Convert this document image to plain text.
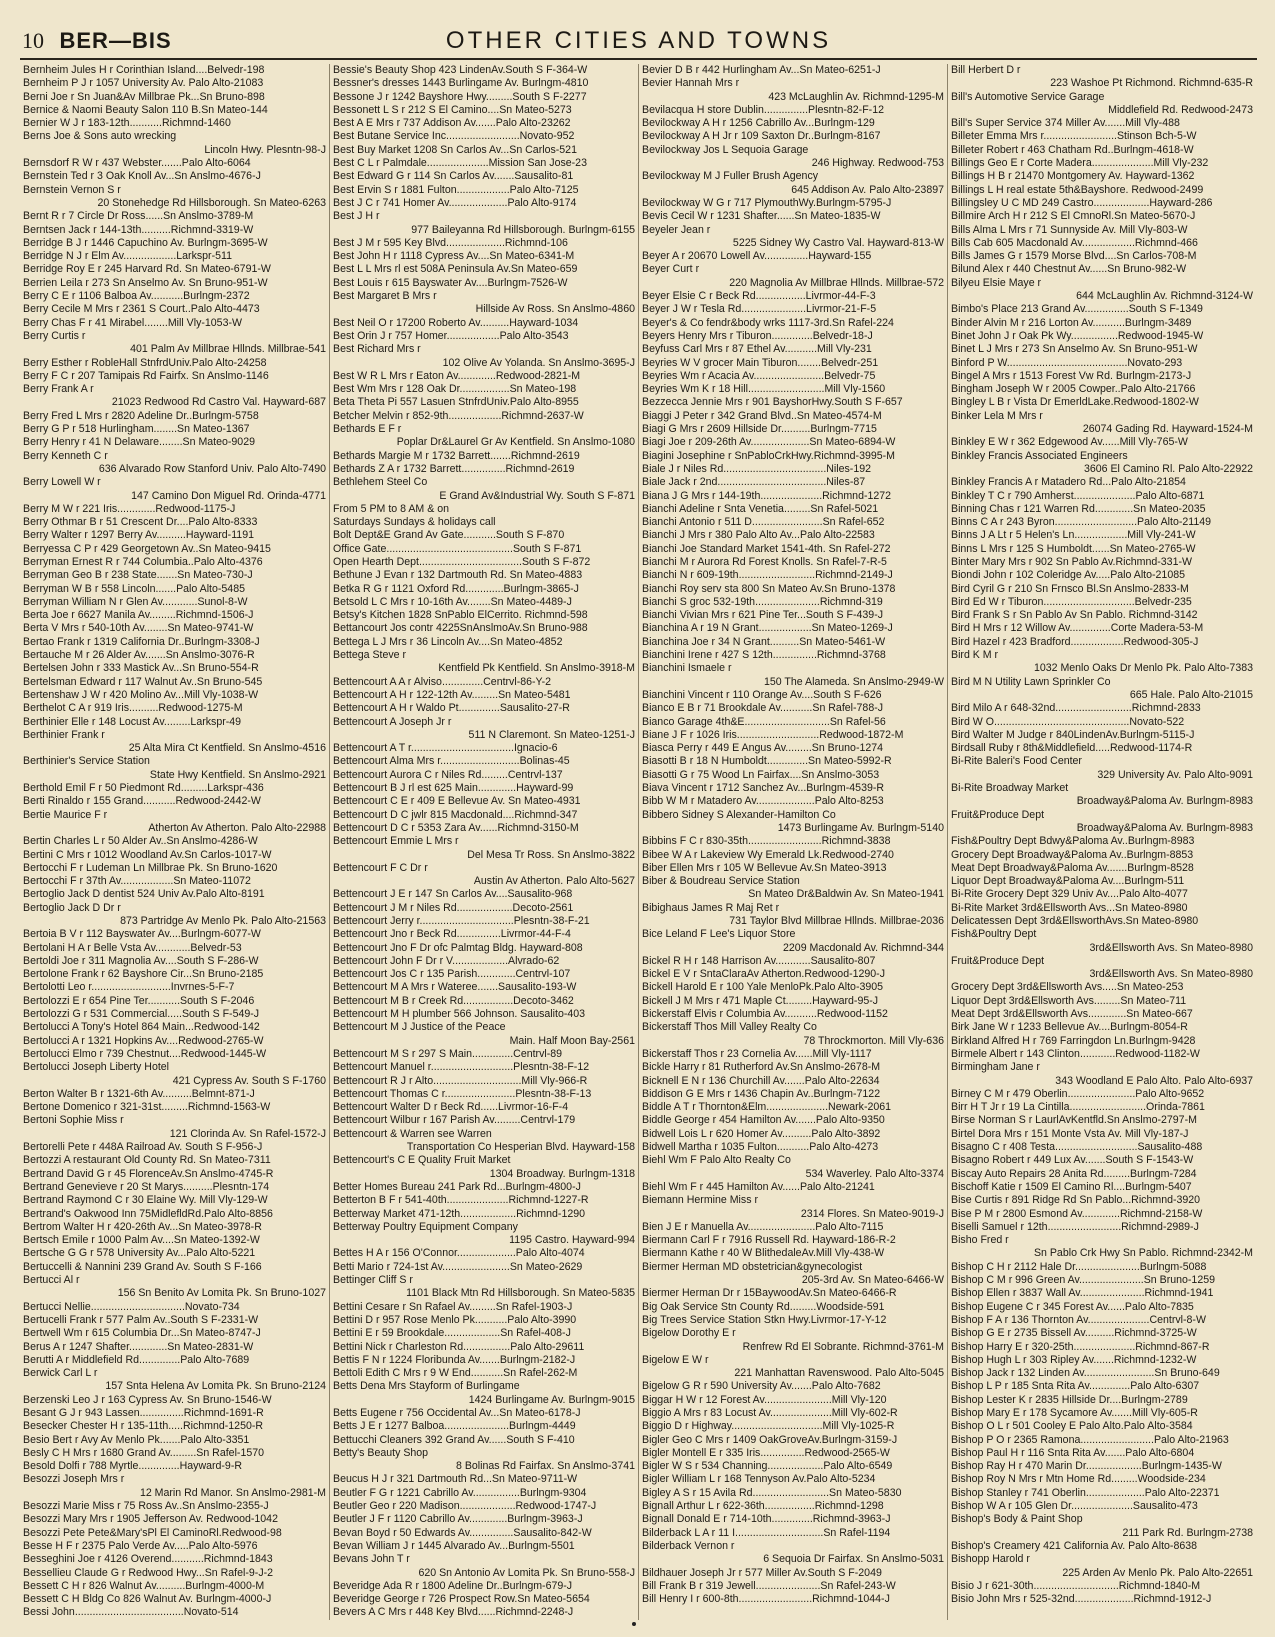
10 BER—BIS	OTHER CITIES AND TOWNS
Bernheim Jules H r Corinthian Island....Belvedr-198
Bernheim P J r 1057 University Av. Palo Alto-21083
Berni Joe r Sn Juan&Av Millbrae Pk...Sn Bruno-898
Bernice & Naomi Beauty Salon 110 B.Sn Mateo-144
Bernier W J r 183-12th...........Richmnd-1460
Berns Joe & Sons auto wrecking
Lincoln Hwy. Plesntn-98-J
Bernsdorf R W r 437 Webster.......Palo Alto-6064
Bernstein Ted r 3 Oak Knoll Av...Sn Anslmo-4676-J
Bernstein Vernon S r
20 Stonehedge Rd Hillsborough. Sn Mateo-6263
Bernt R r 7 Circle Dr Ross......Sn Anslmo-3789-M
Berntsen Jack r 144-13th..........Richmnd-3319-W
Berridge B J r 1446 Capuchino Av. Burlngm-3695-W
Berridge N J r Elm Av..................Larkspr-511
Berridge Roy E r 245 Harvard Rd. Sn Mateo-6791-W
Berrien Leila r 273 Sn Anselmo Av. Sn Bruno-951-W
Berry C E r 1106 Balboa Av...........Burlngm-2372
Berry Cecile M Mrs r 2361 S Court..Palo Alto-4473
Berry Chas F r 41 Mirabel........Mill Vly-1053-W
Berry Curtis r
401 Palm Av Millbrae Hllnds. Millbrae-541
Berry Esther r RobleHall StnfrdUniv.Palo Alto-24258
Berry F C r 207 Tamipais Rd Fairfx. Sn Anslmo-1146
Berry Frank A r
21023 Redwood Rd Castro Val. Hayward-687
Berry Fred L Mrs r 2820 Adeline Dr..Burlngm-5758
Berry G P r 518 Hurlingham........Sn Mateo-1367
Berry Henry r 41 N Delaware........Sn Mateo-9029
Berry Kenneth C r
636 Alvarado Row Stanford Univ. Palo Alto-7490
Berry Lowell W r
147 Camino Don Miguel Rd. Orinda-4771
Berry M W r 221 Iris.............Redwood-1175-J
Berry Othmar B r 51 Crescent Dr....Palo Alto-8333
Berry Walter r 1297 Berry Av..........Hayward-1191
Berryessa C P r 429 Georgetown Av..Sn Mateo-9415
Berryman Ernest R r 744 Columbia..Palo Alto-4376
Berryman Geo B r 238 State.......Sn Mateo-730-J
Berryman W B r 558 Lincoln.......Palo Alto-5485
Berryman William N r Glen Av............Sunol-8-W
Berta Joe r 6627 Manila Av.........Richmnd-1506-J
Berta V Mrs r 540-10th Av........Sn Mateo-9741-W
Bertao Frank r 1319 California Dr..Burlngm-3308-J
Bertauche M r 26 Alder Av.......Sn Anslmo-3076-R
Bertelsen John r 333 Mastick Av...Sn Bruno-554-R
Bertelsman Edward r 117 Walnut Av..Sn Bruno-545
Bertenshaw J W r 420 Molino Av...Mill Vly-1038-W
Berthelot C A r 919 Iris..........Redwood-1275-M
Berthinier Elle r 148 Locust Av.........Larkspr-49
Berthinier Frank r
25 Alta Mira Ct Kentfield. Sn Anslmo-4516
Berthinier's Service Station
State Hwy Kentfield. Sn Anslmo-2921
Berthold Emil F r 50 Piedmont Rd.........Larkspr-436
Berti Rinaldo r 155 Grand...........Redwood-2442-W
Bertie Maurice F r
Atherton Av Atherton. Palo Alto-22988
Bertin Charles L r 50 Alder Av..Sn Anslmo-4286-W
Bertini C Mrs r 1012 Woodland Av.Sn Carlos-1017-W
Bertocchi F r Ludeman Ln Millbrae Pk. Sn Bruno-1620
Bertocchi F r 37th Av..................Sn Mateo-11072
Bertoglio Jack D dentist 524 Univ Av.Palo Alto-8191
Bertoglio Jack D Dr r
873 Partridge Av Menlo Pk. Palo Alto-21563
Bertoia B V r 112 Bayswater Av....Burlngm-6077-W
Bertolani H A r Belle Vsta Av............Belvedr-53
Bertoldi Joe r 311 Magnolia Av....South S F-286-W
Bertolone Frank r 62 Bayshore Cir...Sn Bruno-2185
Bertolotti Leo r...........................Invrnes-5-F-7
Bertolozzi E r 654 Pine Ter...........South S F-2046
Bertolozzi G r 531 Commercial.....South S F-549-J
Bertolucci A Tony's Hotel 864 Main...Redwood-142
Bertolucci A r 1321 Hopkins Av....Redwood-2765-W
Bertolucci Elmo r 739 Chestnut....Redwood-1445-W
Bertolucci Joseph Liberty Hotel
421 Cypress Av. South S F-1760
Berton Walter B r 1321-6th Av..........Belmnt-871-J
Bertone Domenico r 321-31st.........Richmnd-1563-W
Bertoni Sophie Miss r
121 Clorinda Av. Sn Rafel-1572-J
Bertorelli Pete r 448A Railroad Av. South S F-956-J
Bertozzi A restaurant Old County Rd. Sn Mateo-7311
Bertrand David G r 45 FlorenceAv.Sn Anslmo-4745-R
Bertrand Genevieve r 20 St Marys..........Plesntn-174
Bertrand Raymond C r 30 Elaine Wy. Mill Vly-129-W
Bertrand's Oakwood Inn 75MidlefldRd.Palo Alto-8856
Bertrom Walter H r 420-26th Av...Sn Mateo-3978-R
Bertsch Emile r 1000 Palm Av....Sn Mateo-1392-W
Bertsche G G r 578 University Av...Palo Alto-5221
Bertuccelli & Nannini 239 Grand Av. South S F-166
Bertucci Al r
156 Sn Benito Av Lomita Pk. Sn Bruno-1027
Bertucci Nellie................................Novato-734
Bertucelli Frank r 577 Palm Av..South S F-2331-W
Bertwell Wm r 615 Columbia Dr...Sn Mateo-8747-J
Berus A r 1247 Shafter.............Sn Mateo-2831-W
Berutti A r Middlefield Rd..............Palo Alto-7689
Berwick Carl L r
157 Snta Helena Av Lomita Pk. Sn Bruno-2124
Berzenski Leo J r 163 Cypress Av. Sn Bruno-1546-W
Besant G J r 943 Lassen...............Richmnd-1691-R
Besecker Chester H r 135-11th.....Richmnd-1250-R
Besio Bert r Avy Av Menlo Pk.......Palo Alto-3351
Besly C H Mrs r 1680 Grand Av.........Sn Rafel-1570
Besold Dolfi r 788 Myrtle..............Hayward-9-R
Besozzi Joseph Mrs r
12 Marin Rd Manor. Sn Anslmo-2981-M
Besozzi Marie Miss r 75 Ross Av..Sn Anslmo-2355-J
Besozzi Mary Mrs r 1905 Jefferson Av. Redwood-1042
Besozzi Pete Pete&Mary'sPl El CaminoRl.Redwood-98
Besse H F r 2375 Palo Verde Av.....Palo Alto-5976
Besseghini Joe r 4126 Overend...........Richmnd-1843
Bessellieu Claude G r Redwood Hwy...Sn Rafel-9-J-2
Bessett C H r 826 Walnut Av..........Burlngm-4000-M
Bessett C H Bldg Co 826 Walnut Av. Burlngm-4000-J
Bessi John.....................................Novato-514
Bessie's Beauty Shop 423 LindenAv.South S F-364-W
Bessner's dresses 1443 Burlingame Av. Burlngm-4810
Bessone J r 1242 Bayshore Hwy.........South S F-2277
Bessonett L S r 212 S El Camino....Sn Mateo-5273
Best A E Mrs r 737 Addison Av.......Palo Alto-23262
Best Butane Service Inc.........................Novato-952
Best Buy Market 1208 Sn Carlos Av...Sn Carlos-521
Best C L r Palmdale.....................Mission San Jose-23
Best Edward G r 114 Sn Carlos Av.......Sausalito-81
Best Ervin S r 1881 Fulton..................Palo Alto-7125
Best J C r 741 Homer Av....................Palo Alto-9174
Best J H r
977 Baileyanna Rd Hillsborough. Burlngm-6155
Best J M r 595 Key Blvd....................Richmnd-106
Best John H r 1118 Cypress Av....Sn Mateo-6341-M
Best L L Mrs rl est 508A Peninsula Av.Sn Mateo-659
Best Louis r 615 Bayswater Av....Burlngm-7526-W
Best Margaret B Mrs r
Hillside Av Ross. Sn Anslmo-4860
Best Neil O r 17200 Roberto Av..........Hayward-1034
Best Orin J r 757 Homer..................Palo Alto-3543
Best Richard Mrs r
102 Olive Av Yolanda. Sn Anslmo-3695-J
Best W R L Mrs r Eaton Av.............Redwood-2821-M
Best Wm Mrs r 128 Oak Dr.................Sn Mateo-198
Beta Theta Pi 557 Lasuen StnfrdUniv.Palo Alto-8955
Betcher Melvin r 852-9th..................Richmnd-2637-W
Bethards E F r
Poplar Dr&Laurel Gr Av Kentfield. Sn Anslmo-1080
Bethards Margie M r 1732 Barrett.......Richmnd-2619
Bethards Z A r 1732 Barrett...............Richmnd-2619
Bethlehem Steel Co
E Grand Av&Industrial Wy. South S F-871
From 5 PM to 8 AM & on
Saturdays Sundays & holidays call
Bolt Dept&E Grand Av Gate...........South S F-870
Office Gate...........................................South S F-871
Open Hearth Dept...................................South S F-872
Bethune J Evan r 132 Dartmouth Rd. Sn Mateo-4883
Betka R G r 1121 Oxford Rd.............Burlngm-3865-J
Betsold L C Mrs r 10-16th Av........Sn Mateo-4489-J
Betsy's Kitchen 1828 SnPablo ElCerrito. Richmnd-598
Bettancourt Jos contr 4225SnAnslmoAv.Sn Bruno-988
Bettega L J Mrs r 36 Lincoln Av....Sn Mateo-4852
Bettega Steve r
Kentfield Pk Kentfield. Sn Anslmo-3918-M
Bettencourt A A r Alviso..............Centrvl-86-Y-2
Bettencourt A H r 122-12th Av.........Sn Mateo-5481
Bettencourt A H r Waldo Pt..............Sausalito-27-R
Bettencourt A Joseph Jr r
511 N Claremont. Sn Mateo-1251-J
Bettencourt A T r...................................Ignacio-6
Bettencourt Alma Mrs r...........................Bolinas-45
Bettencourt Aurora C r Niles Rd.........Centrvl-137
Bettencourt B J rl est 625 Main.............Hayward-99
Bettencourt C E r 409 E Bellevue Av. Sn Mateo-4931
Bettencourt D C jwlr 815 Macdonald....Richmnd-347
Bettencourt D C r 5353 Zara Av......Richmnd-3150-M
Bettencourt Emmie L Mrs r
Del Mesa Tr Ross. Sn Anslmo-3822
Bettencourt F C Dr r
Austin Av Atherton. Palo Alto-5627
Bettencourt J E r 147 Sn Carlos Av....Sausalito-968
Bettencourt J M r Niles Rd...................Decoto-2561
Bettencourt Jerry r................................Plesntn-38-F-21
Bettencourt Jno r Beck Rd...............Livrmor-44-F-4
Bettencourt Jno F Dr ofc Palmtag Bldg. Hayward-808
Bettencourt John F Dr r V...................Alvrado-62
Bettencourt Jos C r 135 Parish.............Centrvl-107
Bettencourt M A Mrs r Wateree.......Sausalito-193-W
Bettencourt M B r Creek Rd.................Decoto-3462
Bettencourt M H plumber 566 Johnson. Sausalito-403
Bettencourt M J Justice of the Peace
Main. Half Moon Bay-2561
Bettencourt M S r 297 S Main..............Centrvl-89
Bettencourt Manuel r............................Plesntn-38-F-12
Bettencourt R J r Alto..............................Mill Vly-966-R
Bettencourt Thomas C r........................Plesntn-38-F-13
Bettencourt Walter D r Beck Rd......Livrmor-16-F-4
Bettencourt Wilbur r 167 Parish Av.........Centrvl-179
Bettencourt & Warren see Warren
Transportation Co Hesperian Blvd. Hayward-158
Bettencourt's C E Quality Fruit Market
1304 Broadway. Burlngm-1318
Better Homes Bureau 241 Park Rd...Burlngm-4800-J
Betterton B F r 541-40th.....................Richmnd-1227-R
Betterway Market 471-12th...................Richmnd-1290
Betterway Poultry Equipment Company
1195 Castro. Hayward-994
Bettes H A r 156 O'Connor....................Palo Alto-4074
Betti Mario r 724-1st Av.......................Sn Mateo-2629
Bettinger Cliff S r
1101 Black Mtn Rd Hillsborough. Sn Mateo-5835
Bettini Cesare r Sn Rafael Av.........Sn Rafel-1903-J
Bettini D r 957 Rose Menlo Pk...........Palo Alto-3990
Bettini E r 59 Brookdale...................Sn Rafel-408-J
Bettini Nick r Charleston Rd................Palo Alto-29611
Bettis F N r 1224 Floribunda Av.......Burlngm-2182-J
Bettoli Edith C Mrs r 9 W End...........Sn Rafel-262-M
Betts Dena Mrs Stayform of Burlingame
1424 Burlingame Av. Burlngm-9015
Betts Eugene r 756 Occidental Av...Sn Mateo-6178-J
Betts J E r 1277 Balboa......................Burlngm-4449
Bettucchi Cleaners 392 Grand Av......South S F-410
Betty's Beauty Shop
8 Bolinas Rd Fairfax. Sn Anslmo-3741
Beucus H J r 321 Dartmouth Rd...Sn Mateo-9711-W
Beutler F G r 1221 Cabrillo Av................Burlngm-9304
Beutler Geo r 220 Madison...................Redwood-1747-J
Beutler J F r 1120 Cabrillo Av.............Burlngm-3963-J
Bevan Boyd r 50 Edwards Av...............Sausalito-842-W
Bevan William J r 1445 Alvarado Av...Burlngm-5501
Bevans John T r
620 Sn Antonio Av Lomita Pk. Sn Bruno-558-J
Beveridge Ada R r 1800 Adeline Dr..Burlngm-679-J
Beveridge George r 726 Prospect Row.Sn Mateo-5654
Bevers A C Mrs r 448 Key Blvd......Richmnd-2248-J
Bevier D B r 442 Hurlingham Av...Sn Mateo-6251-J
Bevier Hannah Mrs r
423 McLaughlin Av. Richmnd-1295-M
Bevilacqua H store Dublin...............Plesntn-82-F-12
Bevilockway A H r 1256 Cabrillo Av...Burlngm-129
Bevilockway A H Jr r 109 Saxton Dr..Burlngm-8167
Bevilockway Jos L Sequoia Garage
246 Highway. Redwood-753
Bevilockway M J Fuller Brush Agency
645 Addison Av. Palo Alto-23897
Bevilockway W G r 717 PlymouthWy.Burlngm-5795-J
Bevis Cecil W r 1231 Shafter......Sn Mateo-1835-W
Beyeler Jean r
5225 Sidney Wy Castro Val. Hayward-813-W
Beyer A r 20670 Lowell Av...............Hayward-155
Beyer Curt r
220 Magnolia Av Millbrae Hllnds. Millbrae-572
Beyer Elsie C r Beck Rd.................Livrmor-44-F-3
Beyer J W r Tesla Rd......................Livrmor-21-F-5
Beyer's & Co fendr&body wrks 1117-3rd.Sn Rafel-224
Beyers Henry Mrs r Tiburon..............Belvedr-18-J
Beyfuss Carl Mrs r 87 Ethel Av...........Mill Vly-231
Beyries W V grocer Main Tiburon........Belvedr-251
Beyries Wm r Acacia Av........................Belvedr-75
Beyries Wm K r 18 Hill..........................Mill Vly-1560
Bezzecca Jennie Mrs r 901 BayshorHwy.South S F-657
Biaggi J Peter r 342 Grand Blvd..Sn Mateo-4574-M
Biagi G Mrs r 2609 Hillside Dr..........Burlngm-7715
Biagi Joe r 209-26th Av....................Sn Mateo-6894-W
Biagini Josephine r SnPabloCrkHwy.Richmnd-3995-M
Biale J r Niles Rd...................................Niles-192
Biale Jack r 2nd.....................................Niles-87
Biana J G Mrs r 144-19th.....................Richmnd-1272
Bianchi Adeline r Snta Venetia.........Sn Rafel-5021
Bianchi Antonio r 511 D........................Sn Rafel-652
Bianchi J Mrs r 380 Palo Alto Av...Palo Alto-22583
Bianchi Joe Standard Market 1541-4th. Sn Rafel-272
Bianchi M r Aurora Rd Forest Knolls. Sn Rafel-7-R-5
Bianchi N r 609-19th..........................Richmnd-2149-J
Bianchi Roy serv sta 800 Sn Mateo Av.Sn Bruno-1378
Bianchi S groc 532-19th......................Richmnd-319
Bianchi Vivian Mrs r 621 Pine Ter...South S F-439-J
Bianchina A r 19 N Grant..................Sn Mateo-1269-J
Bianchina Joe r 34 N Grant..........Sn Mateo-5461-W
Bianchini Irene r 427 S 12th...............Richmnd-3768
Bianchini Ismaele r
150 The Alameda. Sn Anslmo-2949-W
Bianchini Vincent r 110 Orange Av....South S F-626
Bianco E B r 71 Brookdale Av...........Sn Rafel-788-J
Bianco Garage 4th&E.............................Sn Rafel-56
Biane J F r 1026 Iris............................Redwood-1872-M
Biasca Perry r 449 E Angus Av.........Sn Bruno-1274
Biasotti B r 18 N Humboldt..............Sn Mateo-5992-R
Biasotti G r 75 Wood Ln Fairfax....Sn Anslmo-3053
Biava Vincent r 1712 Sanchez Av...Burlngm-4539-R
Bibb W M r Matadero Av....................Palo Alto-8253
Bibbero Sidney S Alexander-Hamilton Co
1473 Burlingame Av. Burlngm-5140
Bibbins F C r 830-35th.........................Richmnd-3838
Bibee W A r Lakeview Wy Emerald Lk.Redwood-2740
Biber Ellen Mrs r 105 W Bellevue Av.Sn Mateo-3913
Biber & Boudreau Service Station
Sn Mateo Dr&Baldwin Av. Sn Mateo-1941
Bibighaus James R Maj Ret r
731 Taylor Blvd Millbrae Hllnds. Millbrae-2036
Bice Leland F Lee's Liquor Store
2209 Macdonald Av. Richmnd-344
Bickel R H r 148 Harrison Av............Sausalito-807
Bickel E V r SntaClaraAv Atherton.Redwood-1290-J
Bickell Harold E r 100 Yale MenloPk.Palo Alto-3905
Bickell J M Mrs r 471 Maple Ct.........Hayward-95-J
Bickerstaff Elvis r Columbia Av...........Redwood-1152
Bickerstaff Thos Mill Valley Realty Co
78 Throckmorton. Mill Vly-636
Bickerstaff Thos r 23 Cornelia Av......Mill Vly-1117
Bickle Harry r 81 Rutherford Av.Sn Anslmo-2678-M
Bicknell E N r 136 Churchill Av.......Palo Alto-22634
Biddison G E Mrs r 1436 Chapin Av..Burlngm-7122
Biddle A T r Thornton&Elm.....................Newark-2061
Biddle George r 454 Hamilton Av.......Palo Alto-9350
Bidwell Lois L r 620 Homer Av..........Palo Alto-3892
Bidwell Martha r 1035 Fulton...........Palo Alto-4273
Biehl Wm F Palo Alto Realty Co
534 Waverley. Palo Alto-3374
Biehl Wm F r 445 Hamilton Av......Palo Alto-21241
Biemann Hermine Miss r
2314 Flores. Sn Mateo-9019-J
Bien J E r Manuella Av.......................Palo Alto-7115
Biermann Carl F r 7916 Russell Rd. Hayward-186-R-2
Biermann Kathe r 40 W BlithedaleAv.Mill Vly-438-W
Biermer Herman MD obstetrician&gynecologist
205-3rd Av. Sn Mateo-6466-W
Biermer Herman Dr r 15BaywoodAv.Sn Mateo-6466-R
Big Oak Service Stn County Rd.........Woodside-591
Big Trees Service Station Stkn Hwy.Livrmor-17-Y-12
Bigelow Dorothy E r
Renfrew Rd El Sobrante. Richmnd-3761-M
Bigelow E W r
221 Manhattan Ravenswood. Palo Alto-5045
Bigelow G R r 590 University Av.......Palo Alto-7682
Biggar H W r 12 Forest Av.......................Mill Vly-120
Biggio A Mrs r 83 Locust Av.....................Mill Vly-602-R
Biggio D r Highway...............................Mill Vly-1025-R
Bigler Geo C Mrs r 1409 OakGroveAv.Burlngm-3159-J
Bigler Montell E r 335 Iris...............Redwood-2565-W
Bigler W S r 534 Channing...................Palo Alto-6549
Bigler William L r 168 Tennyson Av.Palo Alto-5234
Bigley A S r 15 Avila Rd..........................Sn Mateo-5830
Bignall Arthur L r 622-36th.................Richmnd-1298
Bignall Donald E r 714-10th..............Richmnd-3963-J
Bilderback L A r 11 I..............................Sn Rafel-1194
Bilderback Vernon r
6 Sequoia Dr Fairfax. Sn Anslmo-5031
Bildhauer Joseph Jr r 577 Miller Av.South S F-2049
Bill Frank B r 319 Jewell......................Sn Rafel-243-W
Bill Henry I r 600-8th.........................Richmnd-1044-J
Bill Herbert D r
223 Washoe Pt Richmond. Richmnd-635-R
Bill's Automotive Service Garage
Middlefield Rd. Redwood-2473
Bill's Super Service 374 Miller Av.......Mill Vly-488
Billeter Emma Mrs r.........................Stinson Bch-5-W
Billeter Robert r 463 Chatham Rd..Burlngm-4618-W
Billings Geo E r Corte Madera.....................Mill Vly-232
Billings H B r 21470 Montgomery Av. Hayward-1362
Billings L H real estate 5th&Bayshore. Redwood-2499
Billingsley U C MD 249 Castro...................Hayward-286
Billmire Arch H r 212 S El CmnoRl.Sn Mateo-5670-J
Bills Alma L Mrs r 71 Sunnyside Av. Mill Vly-803-W
Bills Cab 605 Macdonald Av..................Richmnd-466
Bills James G r 1579 Morse Blvd....Sn Carlos-708-M
Bilund Alex r 440 Chestnut Av......Sn Bruno-982-W
Bilyeu Elsie Maye r
644 McLaughlin Av. Richmnd-3124-W
Bimbo's Place 213 Grand Av...............South S F-1349
Binder Alvin M r 216 Lorton Av...........Burlngm-3489
Binet John J r Oak Pk Wy................Redwood-1945-W
Binet L J Mrs r 273 Sn Anselmo Av. Sn Bruno-951-W
Binford P W.........................................Novato-293
Bingel A Mrs r 1513 Forest Vw Rd. Burlngm-2173-J
Bingham Joseph W r 2005 Cowper..Palo Alto-21766
Bingley L B r Vista Dr EmerldLake.Redwood-1802-W
Binker Lela M Mrs r
26074 Gading Rd. Hayward-1524-M
Binkley E W r 362 Edgewood Av......Mill Vly-765-W
Binkley Francis Associated Engineers
3606 El Camino Rl. Palo Alto-22922
Binkley Francis A r Matadero Rd...Palo Alto-21854
Binkley T C r 790 Amherst.....................Palo Alto-6871
Binning Chas r 121 Warren Rd.............Sn Mateo-2035
Binns C A r 243 Byron............................Palo Alto-21149
Binns J A Lt r 5 Helen's Ln..................Mill Vly-241-W
Binns L Mrs r 125 S Humboldt......Sn Mateo-2765-W
Binter Mary Mrs r 902 Sn Pablo Av.Richmnd-331-W
Biondi John r 102 Coleridge Av.....Palo Alto-21085
Bird Cyril G r 210 Sn Frnsco Bl.Sn Anslmo-2833-M
Bird Ed W r Tiburon...............................Belvedr-235
Bird Frank S r Sn Pablo Av Sn Pablo. Richmnd-3142
Bird H Mrs r 12 Willow Av..............Corte Madera-53-M
Bird Hazel r 423 Bradford..................Redwood-305-J
Bird K M r
1032 Menlo Oaks Dr Menlo Pk. Palo Alto-7383
Bird M N Utility Lawn Sprinkler Co
665 Hale. Palo Alto-21015
Bird Milo A r 648-32nd..........................Richmnd-2833
Bird W O..............................................Novato-522
Bird Walter M Judge r 840LindenAv.Burlngm-5115-J
Birdsall Ruby r 8th&Middlefield.....Redwood-1174-R
Bi-Rite Baleri's Food Center
329 University Av. Palo Alto-9091
Bi-Rite Broadway Market
Broadway&Paloma Av. Burlngm-8983
Fruit&Produce Dept
Broadway&Paloma Av. Burlngm-8983
Fish&Poultry Dept Bdwy&Paloma Av..Burlngm-8983
Grocery Dept Broadway&Paloma Av..Burlngm-8853
Meat Dept Broadway&Paloma Av.......Burlngm-8528
Liquor Dept Broadway&Paloma Av....Burlngm-511
Bi-Rite Grocery Dept 329 Univ Av....Palo Alto-4077
Bi-Rite Market 3rd&Ellsworth Avs...Sn Mateo-8980
Delicatessen Dept 3rd&EllsworthAvs.Sn Mateo-8980
Fish&Poultry Dept
3rd&Ellsworth Avs. Sn Mateo-8980
Fruit&Produce Dept
3rd&Ellsworth Avs. Sn Mateo-8980
Grocery Dept 3rd&Ellsworth Avs.....Sn Mateo-253
Liquor Dept 3rd&Ellsworth Avs.........Sn Mateo-711
Meat Dept 3rd&Ellsworth Avs.............Sn Mateo-667
Birk Jane W r 1233 Bellevue Av....Burlngm-8054-R
Birkland Alfred H r 769 Farringdon Ln.Burlngm-9428
Birmele Albert r 143 Clinton............Redwood-1182-W
Birmingham Jane r
343 Woodland E Palo Alto. Palo Alto-6937
Birney C M r 479 Oberlin.......................Palo Alto-9652
Birr H T Jr r 19 La Cintilla..........................Orinda-7861
Birse Norman S r LaurlAvKentfld.Sn Anslmo-2797-M
Birtel Dora Mrs r 151 Monte Vsta Av. Mill Vly-187-J
Bisagno C r 408 Testa............................Sausalito-488
Bisagno Robert r 449 Lux Av.......South S F-1543-W
Biscay Auto Repairs 28 Anita Rd.........Burlngm-7284
Bischoff Katie r 1509 El Camino Rl....Burlngm-5407
Bise Curtis r 891 Ridge Rd Sn Pablo...Richmnd-3920
Bise P M r 2800 Esmond Av.............Richmnd-2158-W
Biselli Samuel r 12th.........................Richmnd-2989-J
Bisho Fred r
Sn Pablo Crk Hwy Sn Pablo. Richmnd-2342-M
Bishop C H r 2112 Hale Dr......................Burlngm-5088
Bishop C M r 996 Green Av......................Sn Bruno-1259
Bishop Ellen r 3837 Wall Av......................Richmnd-1941
Bishop Eugene C r 345 Forest Av......Palo Alto-7835
Bishop F A r 136 Thornton Av.....................Centrvl-8-W
Bishop G E r 2735 Bissell Av..........Richmnd-3725-W
Bishop Harry E r 320-25th.....................Richmnd-867-R
Bishop Hugh L r 303 Ripley Av.......Richmnd-1232-W
Bishop Jack r 132 Linden Av........................Sn Bruno-649
Bishop L P r 185 Snta Rita Av..............Palo Alto-6307
Bishop Lester K r 2835 Hillside Dr....Burlngm-2789
Bishop Mary E r 178 Sycamore Av.......Mill Vly-605-R
Bishop O L r 501 Cooley E Palo Alto.Palo Alto-3584
Bishop P O r 2365 Ramona.........................Palo Alto-21963
Bishop Paul H r 116 Snta Rita Av.......Palo Alto-6804
Bishop Ray H r 470 Marin Dr...................Burlngm-1435-W
Bishop Roy N Mrs r Mtn Home Rd.........Woodside-234
Bishop Stanley r 741 Oberlin....................Palo Alto-22371
Bishop W A r 105 Glen Dr.....................Sausalito-473
Bishop's Body & Paint Shop
211 Park Rd. Burlngm-2738
Bishop's Creamery 421 California Av. Palo Alto-8638
Bishopp Harold r
225 Arden Av Menlo Pk. Palo Alto-22651
Bisio J r 621-30th.............................Richmnd-1840-M
Bisio John Mrs r 525-32nd....................Richmnd-1912-J
